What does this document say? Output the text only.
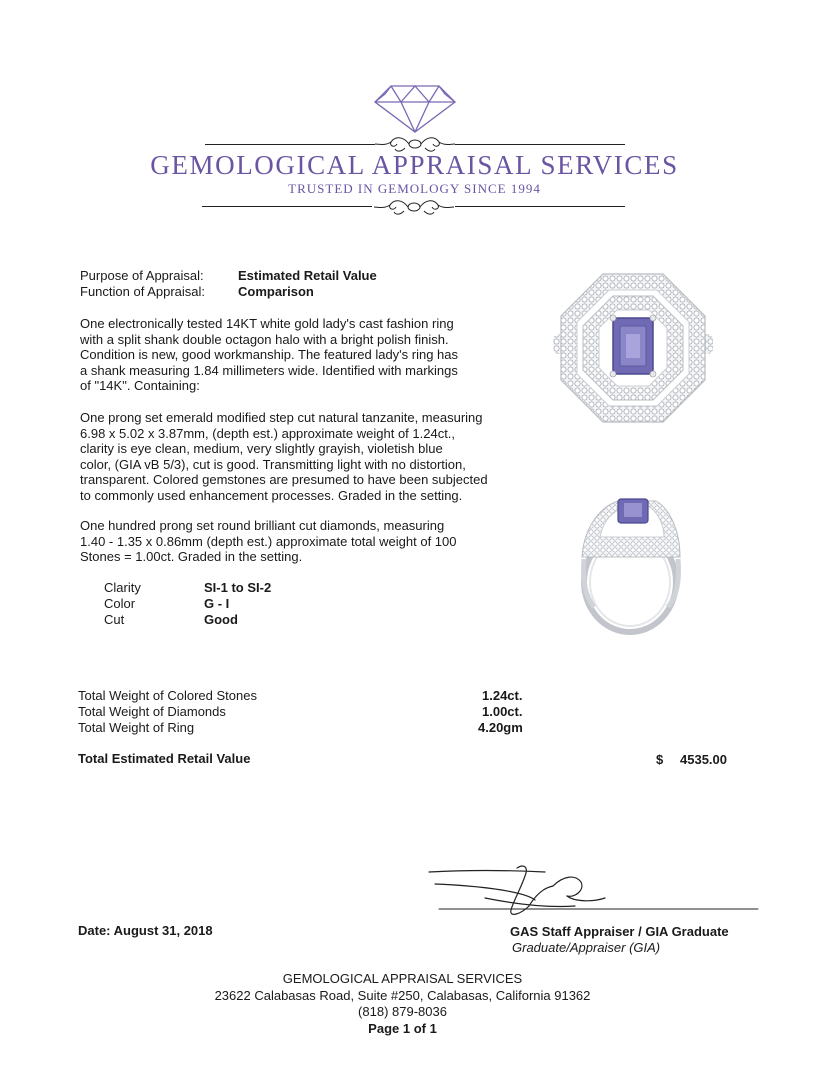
GEMOLOGICAL APPRAISAL SERVICES
TRUSTED IN GEMOLOGY SINCE 1994
Purpose of Appraisal:	Estimated Retail Value
Function of Appraisal:	Comparison
One electronically tested 14KT white gold lady's cast fashion ring
with a split shank double octagon halo with a bright polish finish.
Condition is new, good workmanship. The featured lady's ring has
a shank measuring 1.84 millimeters wide. Identified with markings
of "14K". Containing:
One prong set emerald modified step cut natural tanzanite, measuring
6.98 x 5.02 x 3.87mm, (depth est.) approximate weight of 1.24ct.,
clarity is eye clean, medium, very slightly grayish, violetish blue
color, (GIA vB 5/3), cut is good. Transmitting light with no distortion,
transparent. Colored gemstones are presumed to have been subjected
to commonly used enhancement processes. Graded in the setting.
One hundred prong set round brilliant cut diamonds, measuring
1.40 - 1.35 x 0.86mm (depth est.) approximate total weight of 100
Stones = 1.00ct. Graded in the setting.
Clarity	SI-1 to SI-2
Color	G - I
Cut	Good
Total Weight of Colored Stones	1.24ct.
Total Weight of Diamonds	1.00ct.
Total Weight of Ring	4.20gm
Total Estimated Retail Value	$ 4535.00
Date: August 31, 2018	GAS Staff Appraiser / GIA Graduate
Graduate/Appraiser (GIA)
GEMOLOGICAL APPRAISAL SERVICES
23622 Calabasas Road, Suite #250, Calabasas, California 91362
(818) 879-8036
Page 1 of 1
